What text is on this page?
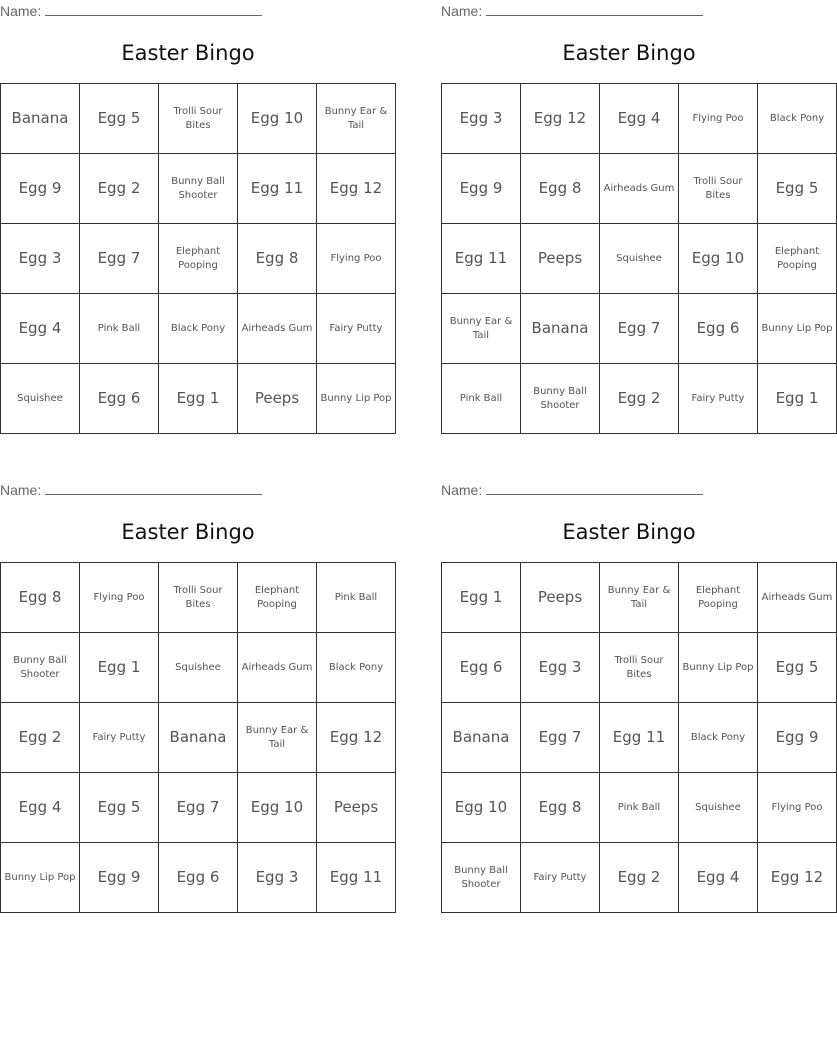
Name:
Easter Bingo
Banana	Egg 5	Trolli Sour Bites	Egg 10	Bunny Ear & Tail
Egg 9	Egg 2	Bunny Ball Shooter	Egg 11	Egg 12
Egg 3	Egg 7	Elephant Pooping	Egg 8	Flying Poo
Egg 4	Pink Ball	Black Pony	Airheads Gum	Fairy Putty
Squishee	Egg 6	Egg 1	Peeps	Bunny Lip Pop
Name:
Easter Bingo
Egg 3	Egg 12	Egg 4	Flying Poo	Black Pony
Egg 9	Egg 8	Airheads Gum	Trolli Sour Bites	Egg 5
Egg 11	Peeps	Squishee	Egg 10	Elephant Pooping
Bunny Ear & Tail	Banana	Egg 7	Egg 6	Bunny Lip Pop
Pink Ball	Bunny Ball Shooter	Egg 2	Fairy Putty	Egg 1
Name:
Easter Bingo
Egg 8	Flying Poo	Trolli Sour Bites	Elephant Pooping	Pink Ball
Bunny Ball Shooter	Egg 1	Squishee	Airheads Gum	Black Pony
Egg 2	Fairy Putty	Banana	Bunny Ear & Tail	Egg 12
Egg 4	Egg 5	Egg 7	Egg 10	Peeps
Bunny Lip Pop	Egg 9	Egg 6	Egg 3	Egg 11
Name:
Easter Bingo
Egg 1	Peeps	Bunny Ear & Tail	Elephant Pooping	Airheads Gum
Egg 6	Egg 3	Trolli Sour Bites	Bunny Lip Pop	Egg 5
Banana	Egg 7	Egg 11	Black Pony	Egg 9
Egg 10	Egg 8	Pink Ball	Squishee	Flying Poo
Bunny Ball Shooter	Fairy Putty	Egg 2	Egg 4	Egg 12
